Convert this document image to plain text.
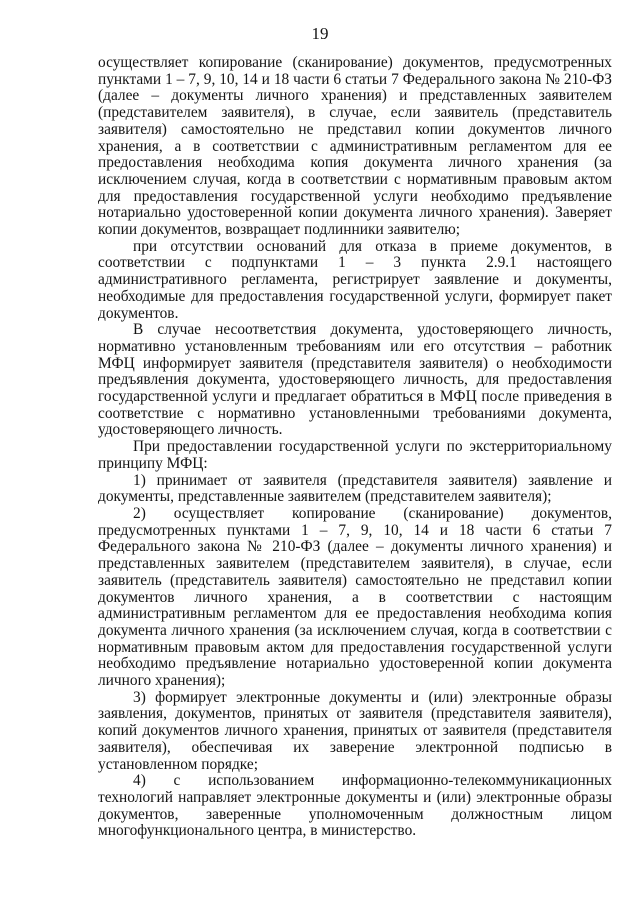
19

осуществляет копирование (сканирование) документов, предусмотренных пунктами 1 – 7, 9, 10, 14 и 18 части 6 статьи 7 Федерального закона № 210-ФЗ (далее – документы личного хранения) и представленных заявителем (представителем заявителя), в случае, если заявитель (представитель заявителя) самостоятельно не представил копии документов личного хранения, а в соответствии с административным регламентом для ее предоставления необходима копия документа личного хранения (за исключением случая, когда в соответствии с нормативным правовым актом для предоставления государственной услуги необходимо предъявление нотариально удостоверенной копии документа личного хранения). Заверяет копии документов, возвращает подлинники заявителю;

при отсутствии оснований для отказа в приеме документов, в соответствии с подпунктами 1 – 3 пункта 2.9.1 настоящего административного регламента, регистрирует заявление и документы, необходимые для предоставления государственной услуги, формирует пакет документов.

В случае несоответствия документа, удостоверяющего личность, нормативно установленным требованиям или его отсутствия – работник МФЦ информирует заявителя (представителя заявителя) о необходимости предъявления документа, удостоверяющего личность, для предоставления государственной услуги и предлагает обратиться в МФЦ после приведения в соответствие с нормативно установленными требованиями документа, удостоверяющего личность.

При предоставлении государственной услуги по экстерриториальному принципу МФЦ:

1) принимает от заявителя (представителя заявителя) заявление и документы, представленные заявителем (представителем заявителя);

2) осуществляет копирование (сканирование) документов, предусмотренных пунктами 1 – 7, 9, 10, 14 и 18 части 6 статьи 7 Федерального закона № 210-ФЗ (далее – документы личного хранения) и представленных заявителем (представителем заявителя), в случае, если заявитель (представитель заявителя) самостоятельно не представил копии документов личного хранения, а в соответствии с настоящим административным регламентом для ее предоставления необходима копия документа личного хранения (за исключением случая, когда в соответствии с нормативным правовым актом для предоставления государственной услуги необходимо предъявление нотариально удостоверенной копии документа личного хранения);

3) формирует электронные документы и (или) электронные образы заявления, документов, принятых от заявителя (представителя заявителя), копий документов личного хранения, принятых от заявителя (представителя заявителя), обеспечивая их заверение электронной подписью в установленном порядке;

4) с использованием информационно-телекоммуникационных технологий направляет электронные документы и (или) электронные образы документов, заверенные уполномоченным должностным лицом многофункционального центра, в министерство.
